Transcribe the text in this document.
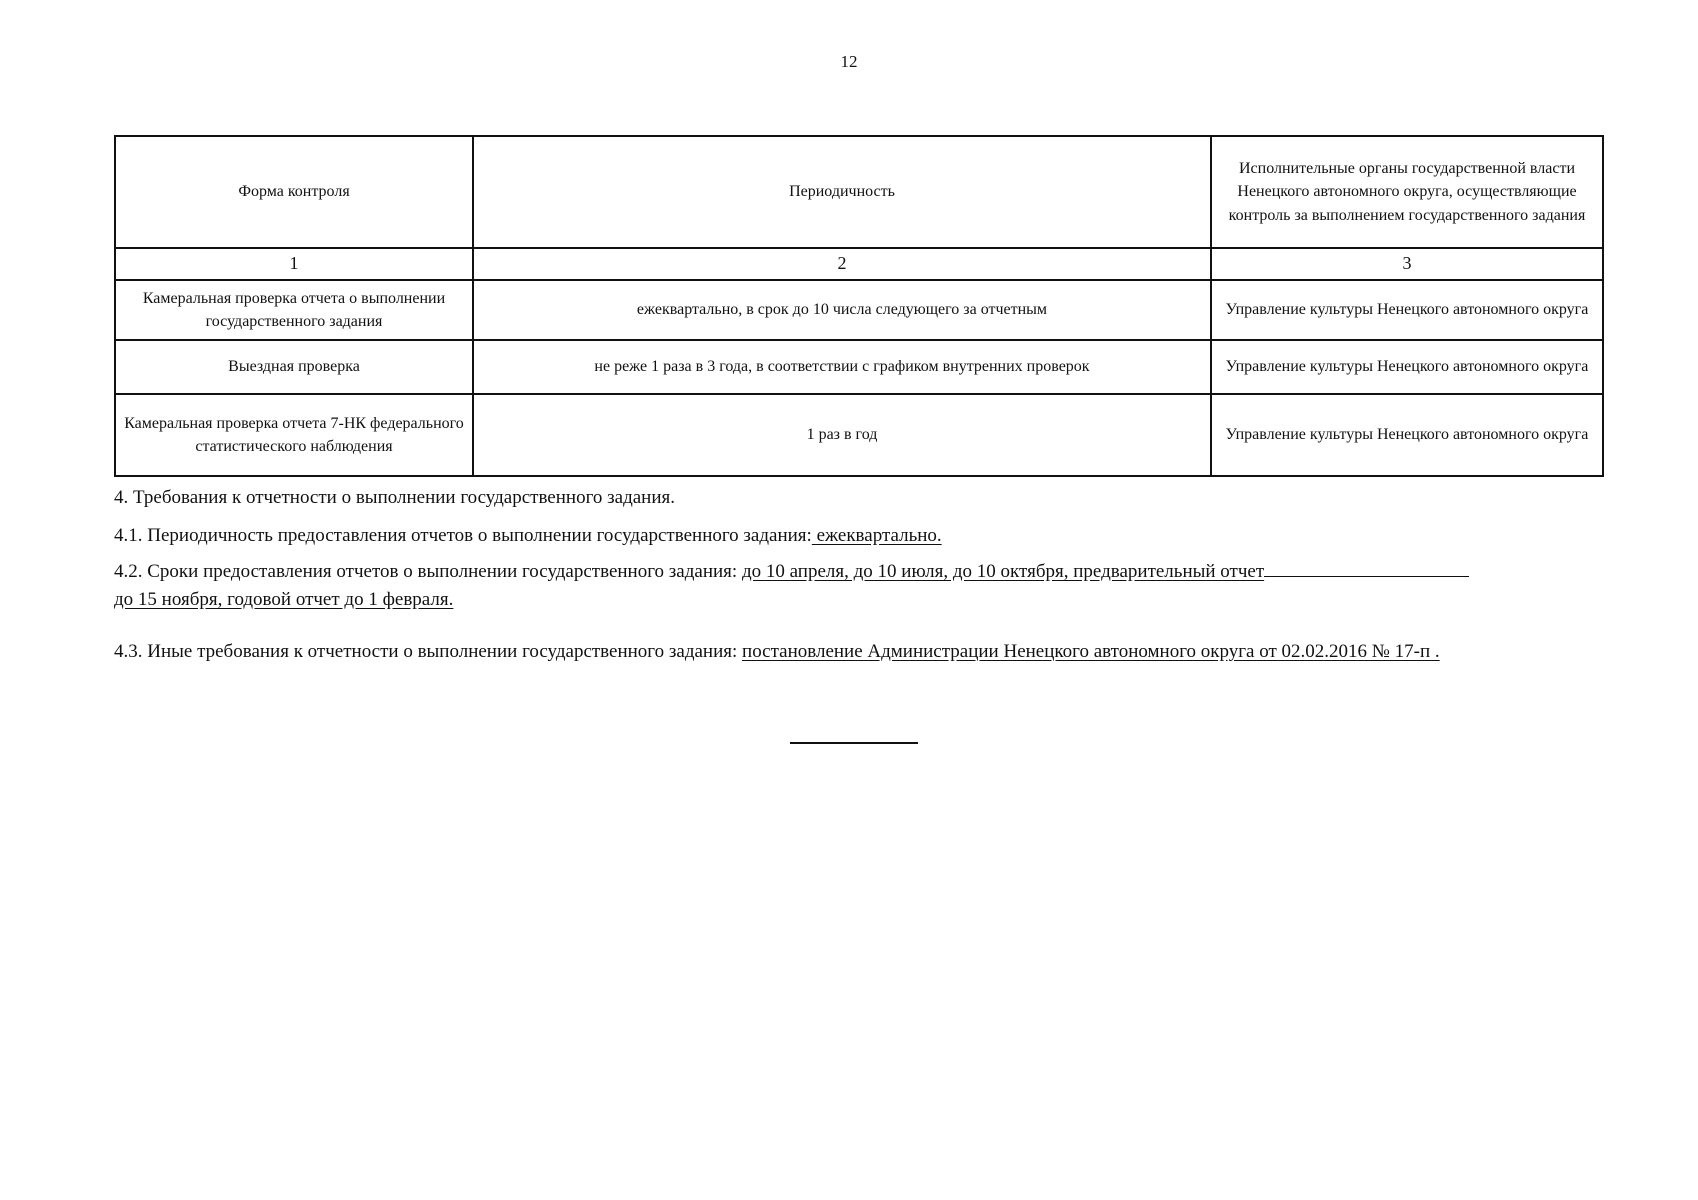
12
Форма контроля	Периодичность	Исполнительные органы государственной власти Ненецкого автономного округа, осуществляющие контроль за выполнением государственного задания
1	2	3
Камеральная проверка отчета о выполнении государственного задания	ежеквартально, в срок до 10 числа следующего за отчетным	Управление культуры Ненецкого автономного округа
Выездная проверка	не реже 1 раза в 3 года, в соответствии с графиком внутренних проверок	Управление культуры Ненецкого автономного округа
Камеральная проверка отчета 7-НК федерального статистического наблюдения	1 раз в год	Управление культуры Ненецкого автономного округа
4. Требования к отчетности о выполнении государственного задания.
4.1. Периодичность предоставления отчетов о выполнении государственного задания: ежеквартально.
4.2. Сроки предоставления отчетов о выполнении государственного задания: до 10 апреля, до 10 июля, до 10 октября, предварительный отчет
до 15 ноября, годовой отчет до 1 февраля.
4.3. Иные требования к отчетности о выполнении государственного задания: постановление Администрации Ненецкого автономного округа от 02.02.2016 № 17-п .
